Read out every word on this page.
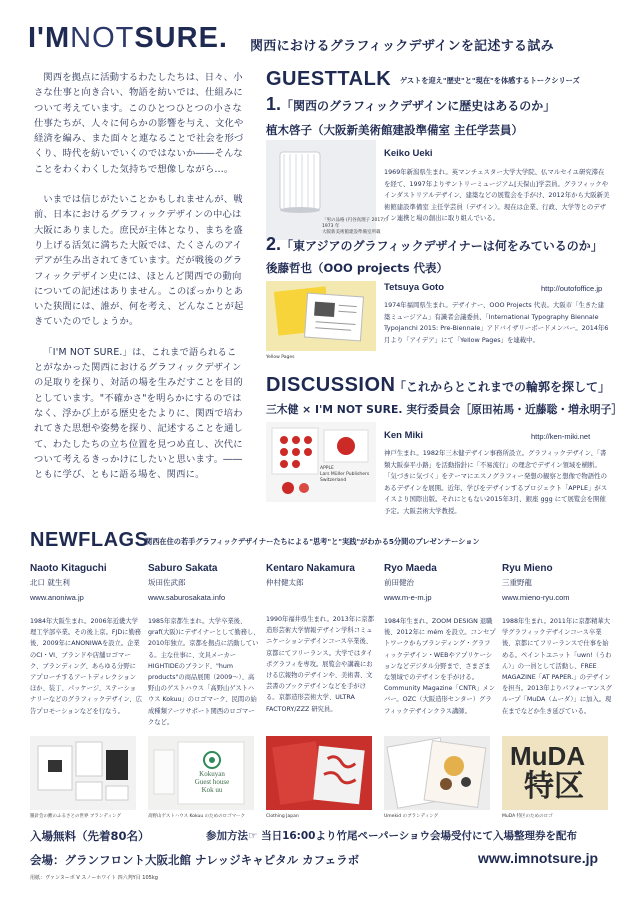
I'MNOTSURE. 関西におけるグラフィックデザインを記述する試み

関西を拠点に活動するわたしたちは、日々、小さな仕事と向き合い、物語を紡いでは、仕組みについて考えています。このひとつひとつの小さな仕事たちが、人々に何らかの影響を与え、文化や経済を編み、また面々と連なることで社会を形づくり、時代を紡いでいくのではないか――そんなことをわくわくした気持ちで想像しながら…。

いまでは信じがたいことかもしれませんが、戦前、日本におけるグラフィックデザインの中心は大阪にありました。庶民が主体となり、まちを盛り上げる活気に満ちた大阪では、たくさんのアイデアが生み出されてきています。だが戦後のグラフィックデザイン史には、ほとんど関西での動向についての記述はありません。このぽっかりとあいた狭間には、誰が、何を考え、どんなことが起きていたのでしょうか。

「I'M NOT SURE.」は、これまで語られることがなかった関西におけるグラフィックデザインの足取りを探り、対話の場を生みだすことを目的としています。"不確かさ"を明らかにするのではなく、浮かび上がる歴史をたよりに、関西で培われてきた思想や姿勢を探り、記述することを通して、わたしたちの立ち位置を見つめ直し、次代について考えるきっかけにしたいと思います。――ともに学び、ともに語る場を、関西に。

GUESTTALK ゲストを迎え"歴史"と"現在"を体感するトークシリーズ
1.「関西のグラフィックデザインに歴史はあるのか」
植木啓子（大阪新美術館建設準備室 主任学芸員）
「男の品格 (円谷真理子 2017)」
1973 年
大阪新美術館建設準備室所蔵
Keiko Ueki
1969年新潟県生まれ。英マンチェスター大学大学院、仏マルセイユ研究滞在を経て、1997年よりサントリーミュージアム[天保山]学芸員。グラフィックやインダストリアルデザイン、建築などの展覧会を手がけ、2012年から大阪新美術館建設準備室 主任学芸員（デザイン）。現在は企業、行政、大学等とのデザイン連携と場の創出に取り組んでいる。
2.「東アジアのグラフィックデザイナーは何をみているのか」
後藤哲也（OOO projects 代表）
Yellow Pages
Tetsuya Goto	http://outofoffice.jp
1974年福岡県生まれ。デザイナー、OOO Projects 代表。大阪市「生きた建築ミュージアム」有識者会議委員、「International Typography Biennale Typojanchi 2015: Pre-Biennale」アドバイザリーボードメンバー。2014年6月より「アイデア」にて「Yellow Pages」を連載中。
DISCUSSION
「これからとこれまでの輪郭を探して」
三木健 × I'M NOT SURE. 実行委員会［原田祐馬・近藤聡・増永明子］
APPLE
Lars Müller Publishers
Switzerland
Ken Miki	http://ken-miki.net
神戸生まれ。1982年三木健デザイン事務所設立。グラフィックデザイン、「書類大阪泰平小路」を活動指針に「不易流行」の理念でデザイン領域を横断。「気づきに気づく」をテーマにエスノグラフィー発想の観察と想像で物語性のあるデザインを展開。近年、学びをデザインするプロジェクト「APPLE」がスイスより国際出版。それにともない2015年3月、銀座 ggg にて展覧会を開催予定。大阪芸術大学教授。
NEWFLAGS
関西在住の若手グラフィックデザイナーたちによる"思考"と"実践"がわかる5分間のプレゼンテーション
Naoto Kitaguchi
北口 就生利
www.anoniwa.jp
1984年大阪生まれ。2006年近畿大学理工学部卒業。その後上京。FJDに勤務後、2009年にANONIWAを設立。企業のCI・VI、ブランドや店舗ロゴマーク、ブランディング、あらゆる分野にアプローチするアートディレクションほか、装丁、パッケージ、ステーショナリーなどのグラフィックデザイン、広告プロモーションなどを行なう。
Saburo Sakata
坂田佐武郎
www.saburosakata.info
1985年京都生まれ。大学卒業後、graf(大阪)にデザイナーとして勤務し、2010年独立。京都を拠点に活動している。主な仕事に、文具メーカー HIGHTIDEのブランド、"hum products"の商品展開（2009〜）、高野山のゲストハウス「高野山ゲストハウス Kokuu」のロゴマーク、民間の始成種類アーツサポート関西のロゴマークなど。
Kentaro Nakamura
仲村健太郎
1990年福井県生まれ。2013年に京都造形芸術大学情報デザイン学科コミュニケーションデザインコース卒業後、京都にてフリーランス。大学ではタイポグラフィを専攻。展覧会や講義における広報物のデザインや、美術書、文芸書のブックデザインなどを手がける。京都造形芸術大学、ULTRA FACTORY/ZZZ 研究員。
Ryo Maeda
前田健治
www.m-e-m.jp
1984年生まれ。ZOOM DESIGN 退職後、2012年に mém を設立。コンセプトワークからブランディング・グラフィックデザイン・WEBやアプリケーションなどデジタル分野まで、さまざまな領域でのデザインを手がける。Community Magazine「CNTR」メンバー。OZC（大阪造形センター）グラフィックデザインクラス講師。
Ryu Mieno
三重野龍
www.mieno-ryu.com
1988年生まれ。2011年に京都精華大学グラフィックデザインコース卒業後、京都にてフリーランスで仕事を始める。ペイントユニット「uwn!（うわん）」の一員として活動し、FREE MAGAZINE「AT PAPER.」のデザインを担当。2013年よりパフォーマンスグループ「MuDA（ムーダ）」に加入。現在までなどか生き延びている。
羅針会の鰹のふるさとの世界 ブランディング
Kokuyan
Guest house
Kok uu
高野山ゲストハウス Kokuu のためのロゴマーク	Clothing Japan	Umekid のブランディング
MuDA
特区
MuDA 特区のためのロゴ
入場無料（先着80名）	参加方法☞ 当日16:00より竹尾ペーパーショウ会場受付にて入場整理券を配布
会場：グランフロント大阪北館 ナレッジキャピタル カフェラボ	www.imnotsure.jp
用紙：ヴァンヌーボ V スノーホワイト 四六判Y目 105kg
